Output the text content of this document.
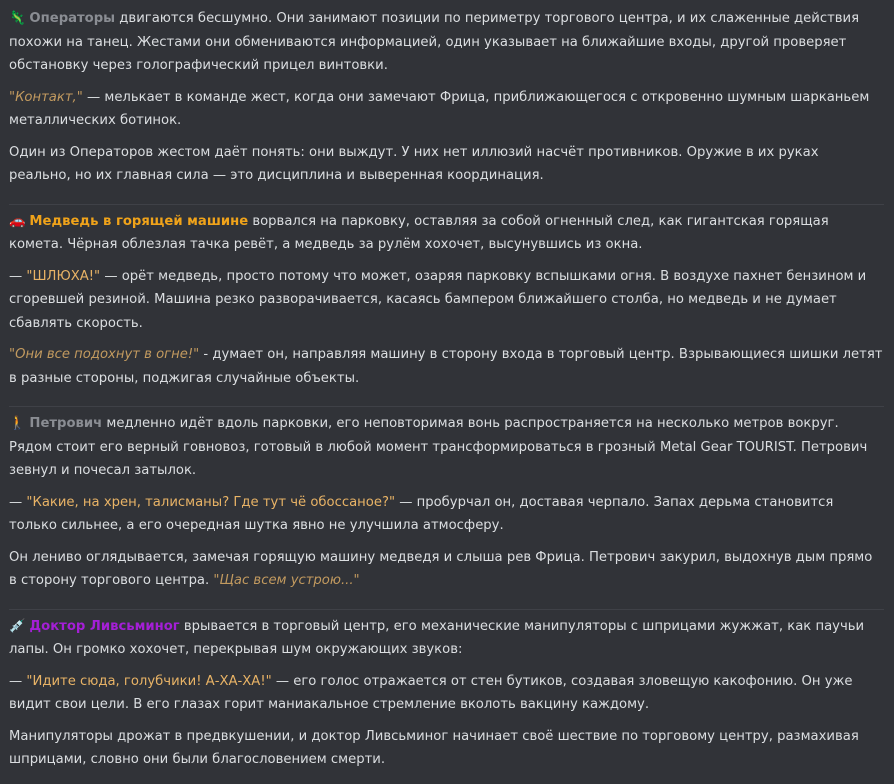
🦎 Операторы двигаются бесшумно. Они занимают позиции по периметру торгового центра, и их слаженные действия похожи на танец. Жестами они обмениваются информацией, один указывает на ближайшие входы, другой проверяет обстановку через голографический прицел винтовки.

"Контакт," — мелькает в команде жест, когда они замечают Фрица, приближающегося с откровенно шумным шарканьем металлических ботинок.

Один из Операторов жестом даёт понять: они выждут. У них нет иллюзий насчёт противников. Оружие в их руках реально, но их главная сила — это дисциплина и выверенная координация.

🚗 Медведь в горящей машине ворвался на парковку, оставляя за собой огненный след, как гигантская горящая комета. Чёрная облезлая тачка ревёт, а медведь за рулём хохочет, высунувшись из окна.

— "ШЛЮХА!" — орёт медведь, просто потому что может, озаряя парковку вспышками огня. В воздухе пахнет бензином и сгоревшей резиной. Машина резко разворачивается, касаясь бампером ближайшего столба, но медведь и не думает сбавлять скорость.

"Они все подохнут в огне!" - думает он, направляя машину в сторону входа в торговый центр. Взрывающиеся шишки летят в разные стороны, поджигая случайные объекты.

🚶 Петрович медленно идёт вдоль парковки, его неповторимая вонь распространяется на несколько метров вокруг. Рядом стоит его верный говновоз, готовый в любой момент трансформироваться в грозный Metal Gear TOURIST. Петрович зевнул и почесал затылок.

— "Какие, на хрен, талисманы? Где тут чё обоссаное?" — пробурчал он, доставая черпало. Запах дерьма становится только сильнее, а его очередная шутка явно не улучшила атмосферу.

Он лениво оглядывается, замечая горящую машину медведя и слыша рев Фрица. Петрович закурил, выдохнув дым прямо в сторону торгового центра. "Щас всем устрою..."

💉 Доктор Ливсьминог врывается в торговый центр, его механические манипуляторы с шприцами жужжат, как паучьи лапы. Он громко хохочет, перекрывая шум окружающих звуков:

— "Идите сюда, голубчики! А-ХА-ХА!" — его голос отражается от стен бутиков, создавая зловещую какофонию. Он уже видит свои цели. В его глазах горит маниакальное стремление вколоть вакцину каждому.

Манипуляторы дрожат в предвкушении, и доктор Ливсьминог начинает своё шествие по торговому центру, размахивая шприцами, словно они были благословением смерти.
